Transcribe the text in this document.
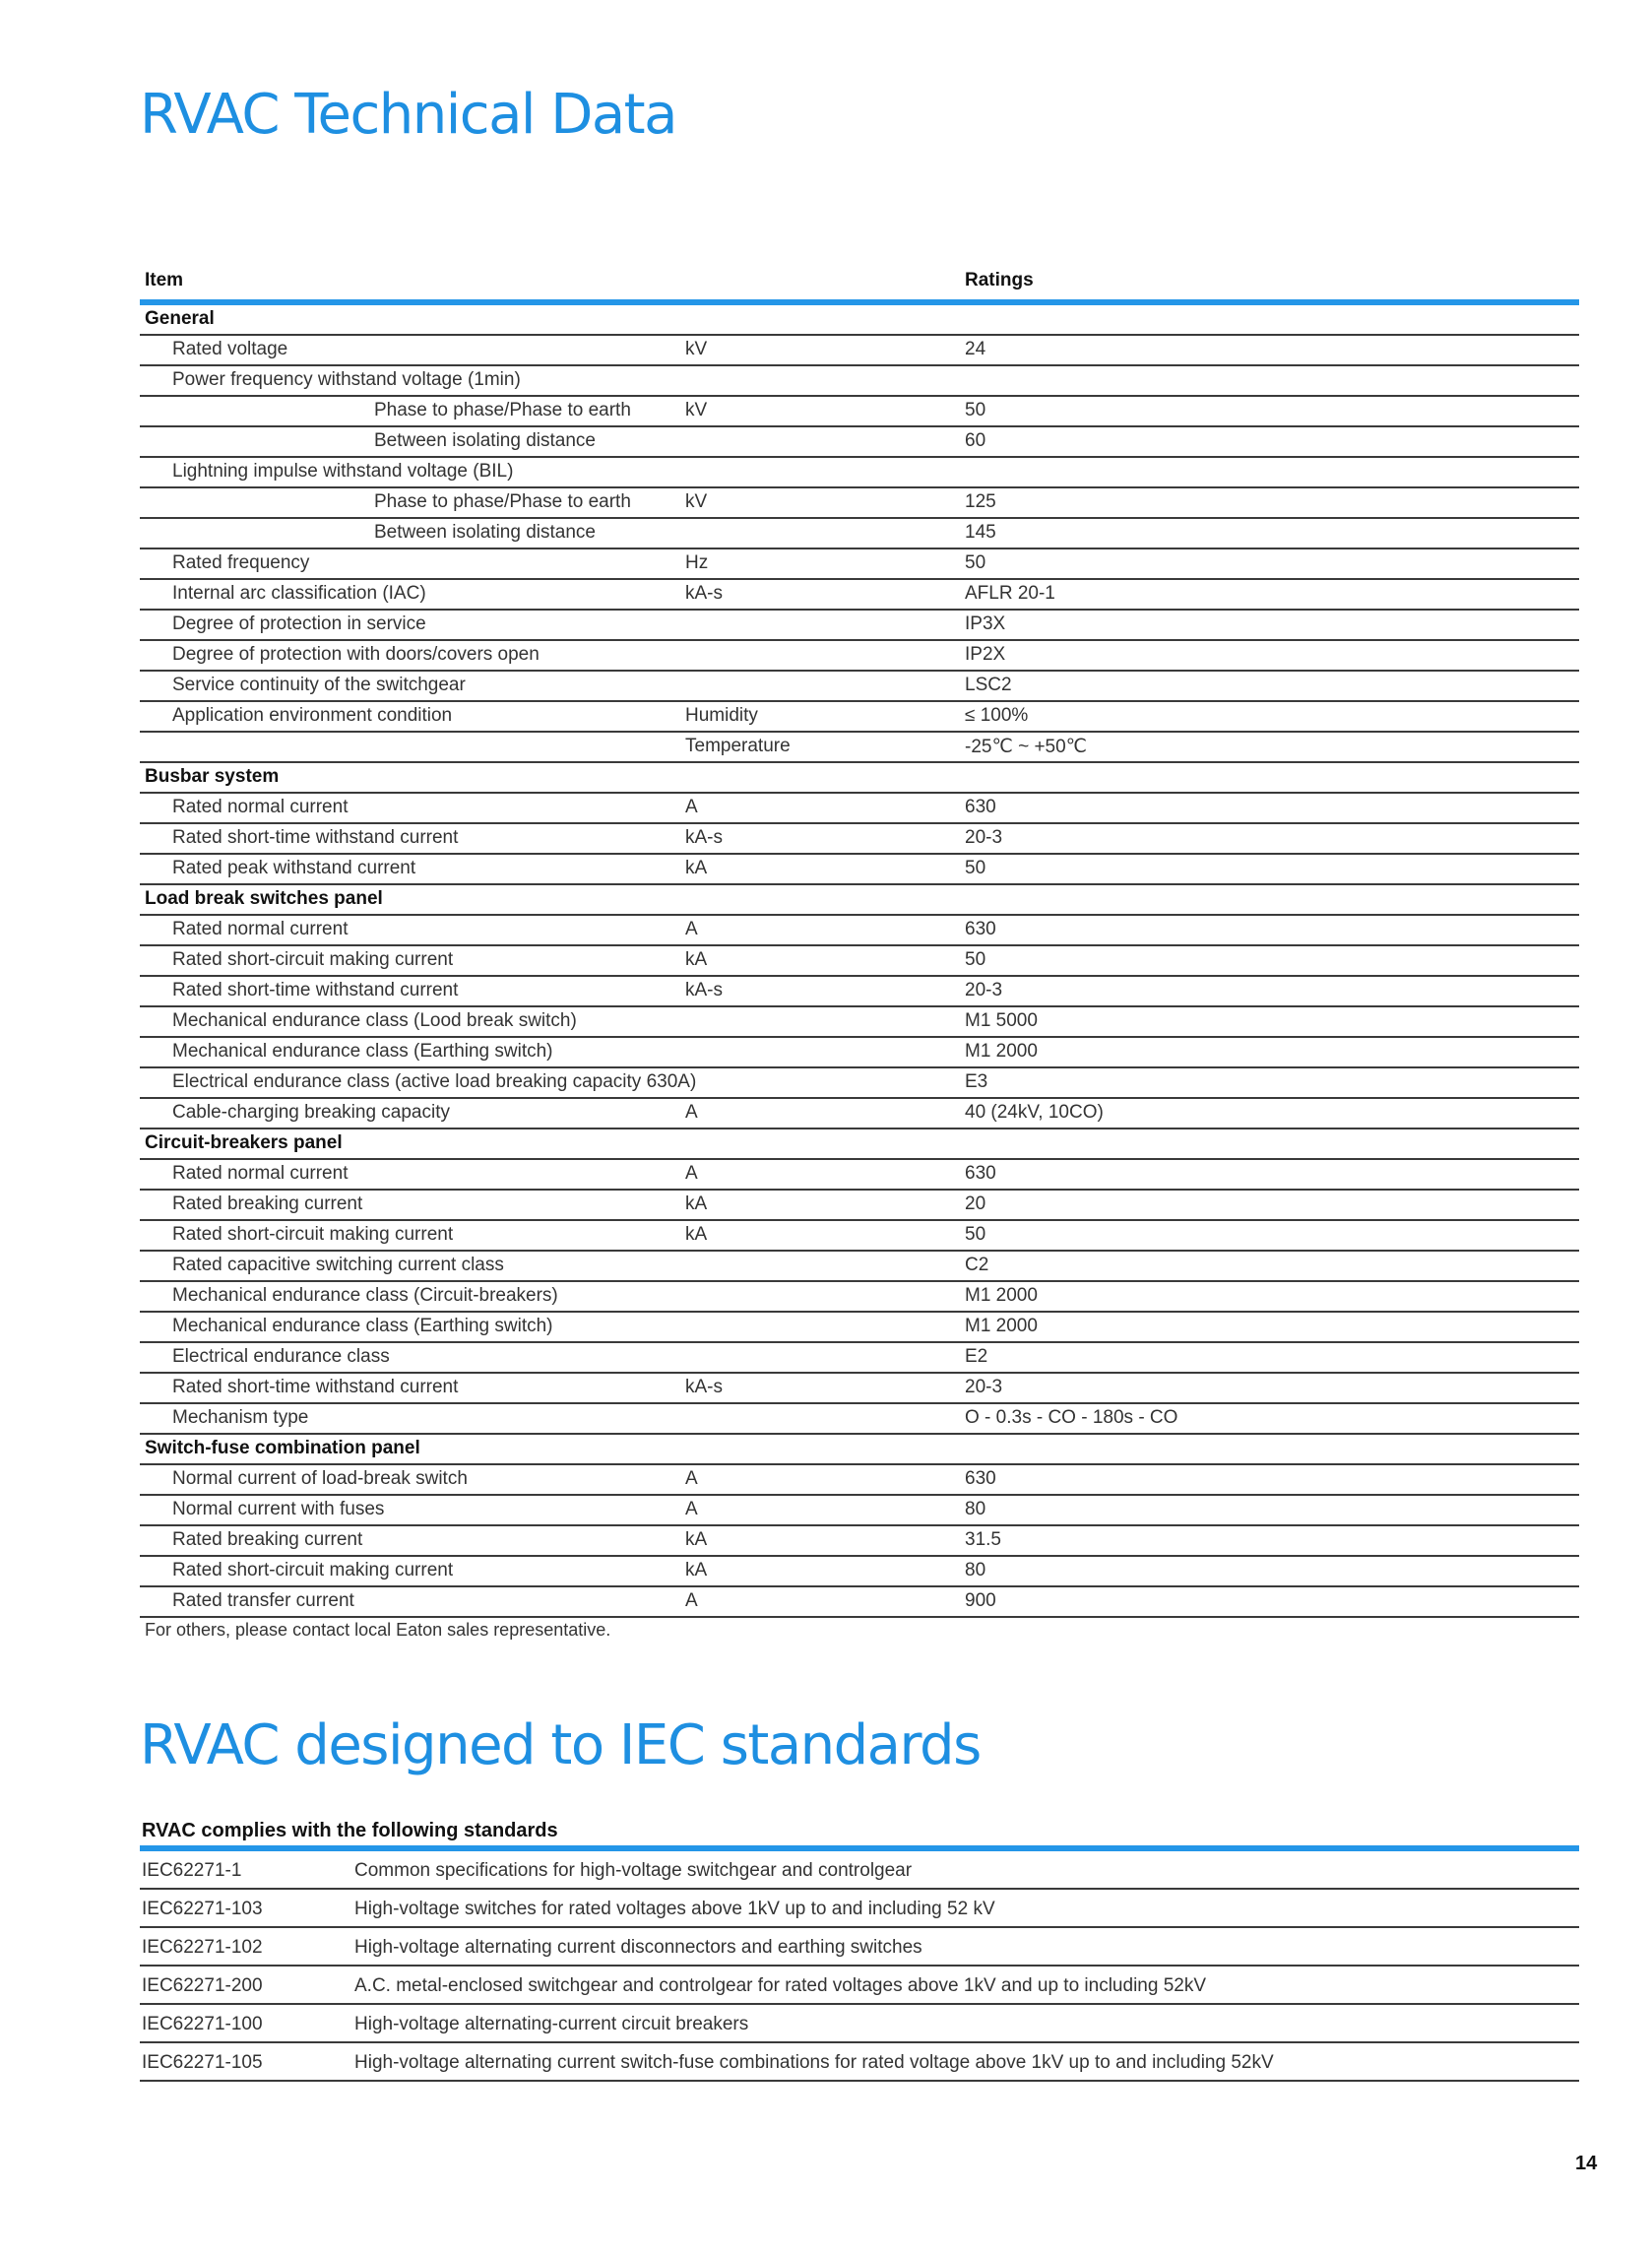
RVAC Technical Data
Item	Ratings
General
Rated voltage	kV	24
Power frequency withstand voltage (1min)
Phase to phase/Phase to earth	kV	50
Between isolating distance	60
Lightning impulse withstand voltage (BIL)
Phase to phase/Phase to earth	kV	125
Between isolating distance	145
Rated frequency	Hz	50
Internal arc classification (IAC)	kA-s	AFLR 20-1
Degree of protection in service	IP3X
Degree of protection with doors/covers open	IP2X
Service continuity of the switchgear	LSC2
Application environment condition	Humidity	≤ 100%
Temperature	-25℃ ~ +50℃
Busbar system
Rated normal current	A	630
Rated short-time withstand current	kA-s	20-3
Rated peak withstand current	kA	50
Load break switches panel
Rated normal current	A	630
Rated short-circuit making current	kA	50
Rated short-time withstand current	kA-s	20-3
Mechanical endurance class (Lood break switch)	M1 5000
Mechanical endurance class (Earthing switch)	M1 2000
Electrical endurance class (active load breaking capacity 630A)	E3
Cable-charging breaking capacity	A	40 (24kV, 10CO)
Circuit-breakers panel
Rated normal current	A	630
Rated breaking current	kA	20
Rated short-circuit making current	kA	50
Rated capacitive switching current class	C2
Mechanical endurance class (Circuit-breakers)	M1 2000
Mechanical endurance class (Earthing switch)	M1 2000
Electrical endurance class	E2
Rated short-time withstand current	kA-s	20-3
Mechanism type	O - 0.3s - CO - 180s - CO
Switch-fuse combination panel
Normal current of load-break switch	A	630
Normal current with fuses	A	80
Rated breaking current	kA	31.5
Rated short-circuit making current	kA	80
Rated transfer current	A	900
For others, please contact local Eaton sales representative.
RVAC designed to IEC standards
RVAC complies with the following standards
IEC62271-1	Common specifications for high-voltage switchgear and controlgear
IEC62271-103	High-voltage switches for rated voltages above 1kV up to and including 52 kV
IEC62271-102	High-voltage alternating current disconnectors and earthing switches
IEC62271-200	A.C. metal-enclosed switchgear and controlgear for rated voltages above 1kV and up to including 52kV
IEC62271-100	High-voltage alternating-current circuit breakers
IEC62271-105	High-voltage alternating current switch-fuse combinations for rated voltage above 1kV up to and including 52kV
14
